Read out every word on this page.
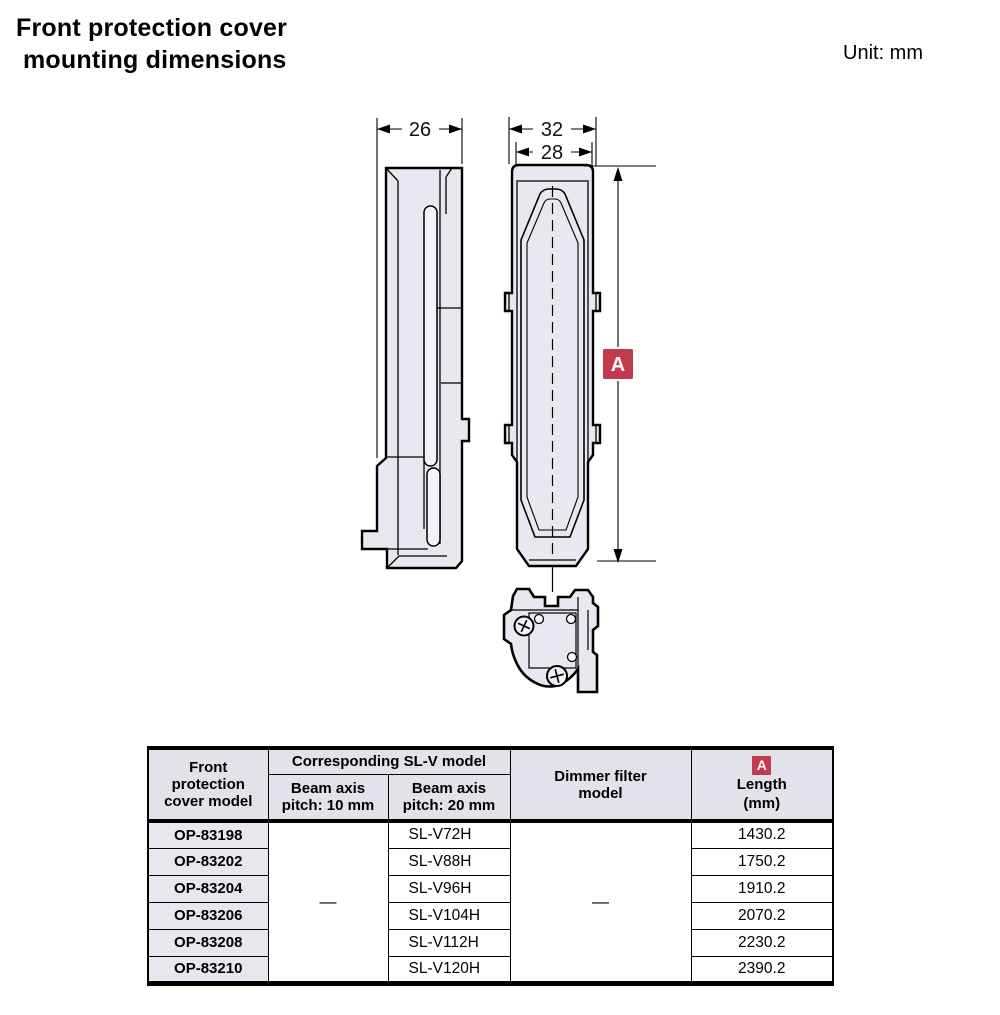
Front protection cover
mounting dimensions	Unit: mm
26	32
28
A
Front protection cover model	Corresponding SL-V model		Dimmer filter model	A
Length
(mm)

	Beam axis pitch: 10 mm	Beam axis pitch: 20 mm		
OP-83198	—	SL-V72H	—	1430.2
OP-83202		SL-V88H		1750.2
OP-83204		SL-V96H		1910.2
OP-83206		SL-V104H		2070.2
OP-83208		SL-V112H		2230.2
OP-83210		SL-V120H		2390.2
